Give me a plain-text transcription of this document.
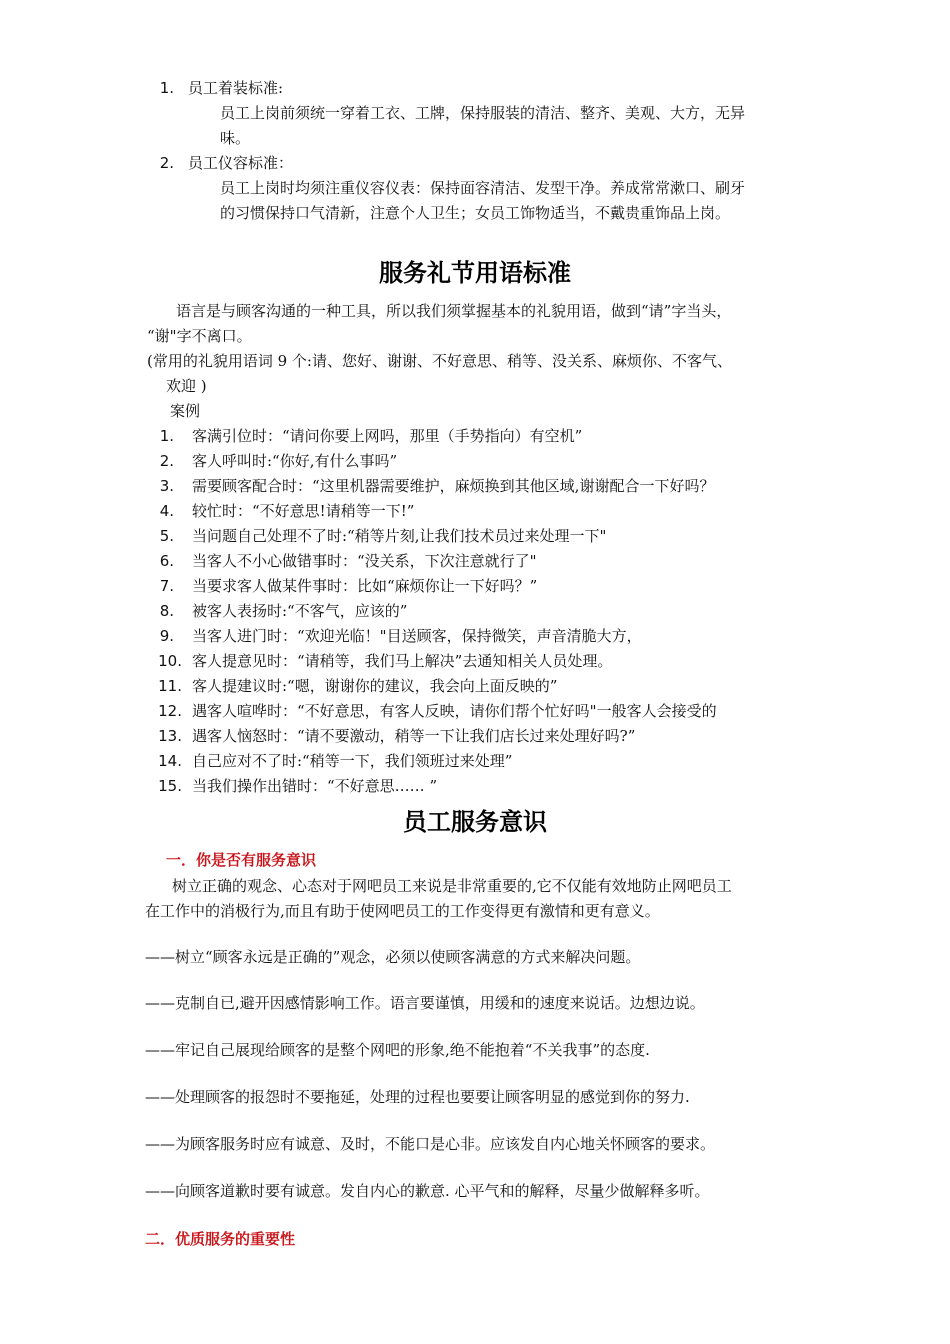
1. 员工着装标准:
员工上岗前须统一穿着工衣、工牌，保持服装的清洁、整齐、美观、大方，无异
味。
2. 员工仪容标准：
员工上岗时均须注重仪容仪表：保持面容清洁、发型干净。养成常常漱口、刷牙
的习惯保持口气清新，注意个人卫生；女员工饰物适当，不戴贵重饰品上岗。
服务礼节用语标准
语言是与顾客沟通的一种工具，所以我们须掌握基本的礼貌用语，做到“请”字当头，
“谢"字不离口。
(常用的礼貌用语词 9 个:请、您好、谢谢、不好意思、稍等、没关系、麻烦你、不客气、
欢迎 )
案例
1. 客满引位时：“请问你要上网吗，那里（手势指向）有空机”
2. 客人呼叫时:“你好,有什么事吗”
3. 需要顾客配合时：“这里机器需要维护，麻烦换到其他区域,谢谢配合一下好吗？
4. 较忙时：“不好意思!请稍等一下!”
5. 当问题自己处理不了时:“稍等片刻,让我们技术员过来处理一下"
6. 当客人不小心做错事时：“没关系，下次注意就行了"
7. 当要求客人做某件事时：比如“麻烦你让一下好吗？”
8. 被客人表扬时:“不客气，应该的”
9. 当客人进门时：“欢迎光临！"目送顾客，保持微笑，声音清脆大方，
10. 客人提意见时：“请稍等，我们马上解决”去通知相关人员处理。
11. 客人提建议时:“嗯，谢谢你的建议，我会向上面反映的”
12. 遇客人喧哗时：“不好意思，有客人反映，请你们帮个忙好吗"一般客人会接受的
13. 遇客人恼怒时：“请不要激动，稍等一下让我们店长过来处理好吗?”
14. 自己应对不了时:“稍等一下，我们领班过来处理”
15. 当我们操作出错时：“不好意思…… ”
员工服务意识
一．你是否有服务意识
树立正确的观念、心态对于网吧员工来说是非常重要的,它不仅能有效地防止网吧员工
在工作中的消极行为,而且有助于使网吧员工的工作变得更有激情和更有意义。
——树立“顾客永远是正确的”观念，必须以使顾客满意的方式来解决问题。
——克制自已,避开因感情影响工作。语言要谨慎，用缓和的速度来说话。边想边说。
——牢记自己展现给顾客的是整个网吧的形象,绝不能抱着“不关我事”的态度.
——处理顾客的报怨时不要拖延，处理的过程也要要让顾客明显的感觉到你的努力.
——为顾客服务时应有诚意、及时，不能口是心非。应该发自内心地关怀顾客的要求。
——向顾客道歉时要有诚意。发自内心的歉意. 心平气和的解释，尽量少做解释多听。
二．优质服务的重要性
